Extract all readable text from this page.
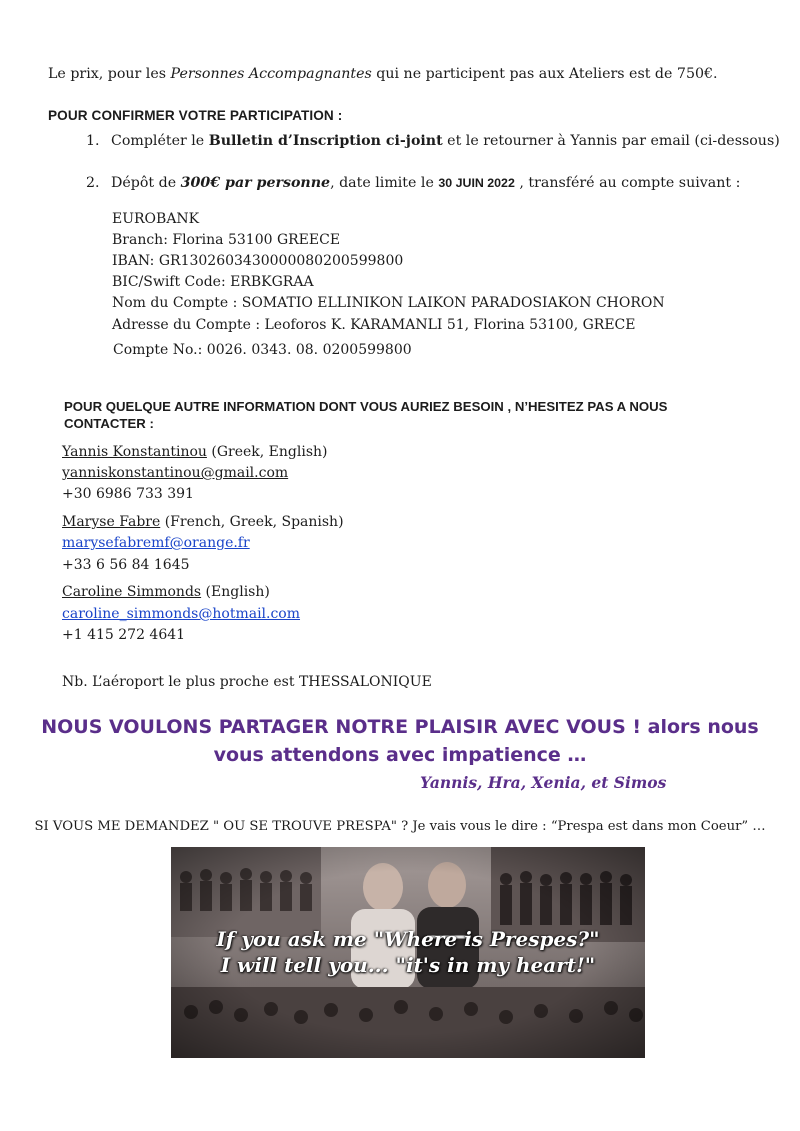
Le prix, pour les Personnes Accompagnantes qui ne participent pas aux Ateliers est de 750€.
POUR CONFIRMER VOTRE PARTICIPATION :
1. Compléter le Bulletin d’Inscription ci-joint et le retourner à Yannis par email (ci-dessous)
2. Dépôt de 300€ par personne, date limite le 30 JUIN 2022 , transféré au compte suivant :
EUROBANK
Branch: Florina 53100 GREECE
IBAN: GR1302603430000080200599800
BIC/Swift Code: ERBKGRAA
Nom du Compte : SOMATIO ELLINIKON LAIKON PARADOSIAKON CHORON
Adresse du Compte : Leoforos K. KARAMANLI 51, Florina 53100, GRECE
Compte No.: 0026. 0343. 08. 0200599800
POUR QUELQUE AUTRE INFORMATION DONT VOUS AURIEZ BESOIN , N’HESITEZ PAS A NOUS CONTACTER :
Yannis Konstantinou (Greek, English)
yanniskonstantinou@gmail.com
+30 6986 733 391
Maryse Fabre (French, Greek, Spanish)
marysefabremf@orange.fr
+33 6 56 84 1645
Caroline Simmonds (English)
caroline_simmonds@hotmail.com
+1 415 272 4641
Nb. L’aéroport le plus proche est THESSALONIQUE
NOUS VOULONS PARTAGER NOTRE PLAISIR AVEC VOUS ! alors nous
vous attendons avec impatience …
Yannis, Hra, Xenia, et Simos
SI VOUS ME DEMANDEZ " OU SE TROUVE PRESPA" ? Je vais vous le dire : “Prespa est dans mon Coeur” …
If you ask me "Where is Prespes?"
I will tell you... "it's in my heart!"
